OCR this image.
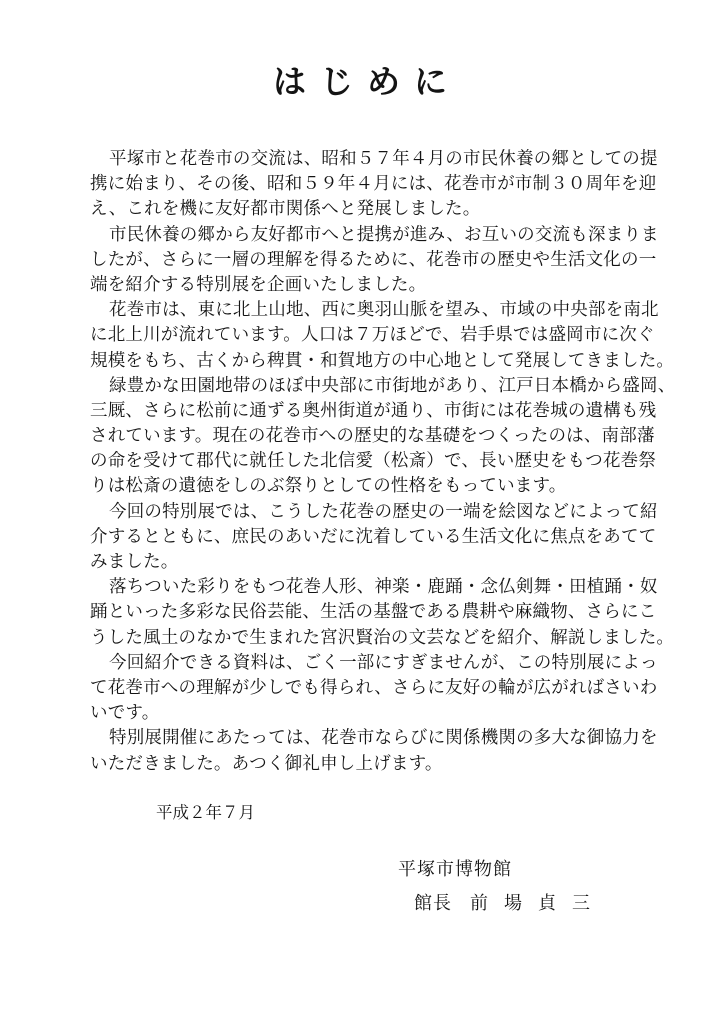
はじめに
平塚市と花巻市の交流は、昭和５７年４月の市民休養の郷としての提
携に始まり、その後、昭和５９年４月には、花巻市が市制３０周年を迎
え、これを機に友好都市関係へと発展しました。
市民休養の郷から友好都市へと提携が進み、お互いの交流も深まりま
したが、さらに一層の理解を得るために、花巻市の歴史や生活文化の一
端を紹介する特別展を企画いたしました。
花巻市は、東に北上山地、西に奥羽山脈を望み、市域の中央部を南北
に北上川が流れています。人口は７万ほどで、岩手県では盛岡市に次ぐ
規模をもち、古くから稗貫・和賀地方の中心地として発展してきました。
緑豊かな田園地帯のほぼ中央部に市街地があり、江戸日本橋から盛岡、
三厩、さらに松前に通ずる奥州街道が通り、市街には花巻城の遺構も残
されています。現在の花巻市への歴史的な基礎をつくったのは、南部藩
の命を受けて郡代に就任した北信愛（松斎）で、長い歴史をもつ花巻祭
りは松斎の遺徳をしのぶ祭りとしての性格をもっています。
今回の特別展では、こうした花巻の歴史の一端を絵図などによって紹
介するとともに、庶民のあいだに沈着している生活文化に焦点をあてて
みました。
落ちついた彩りをもつ花巻人形、神楽・鹿踊・念仏剣舞・田植踊・奴
踊といった多彩な民俗芸能、生活の基盤である農耕や麻織物、さらにこ
うした風土のなかで生まれた宮沢賢治の文芸などを紹介、解説しました。
今回紹介できる資料は、ごく一部にすぎませんが、この特別展によっ
て花巻市への理解が少しでも得られ、さらに友好の輪が広がればさいわ
いです。
特別展開催にあたっては、花巻市ならびに関係機関の多大な御協力を
いただきました。あつく御礼申し上げます。
平成２年７月
平塚市博物館
館長 前場貞三
